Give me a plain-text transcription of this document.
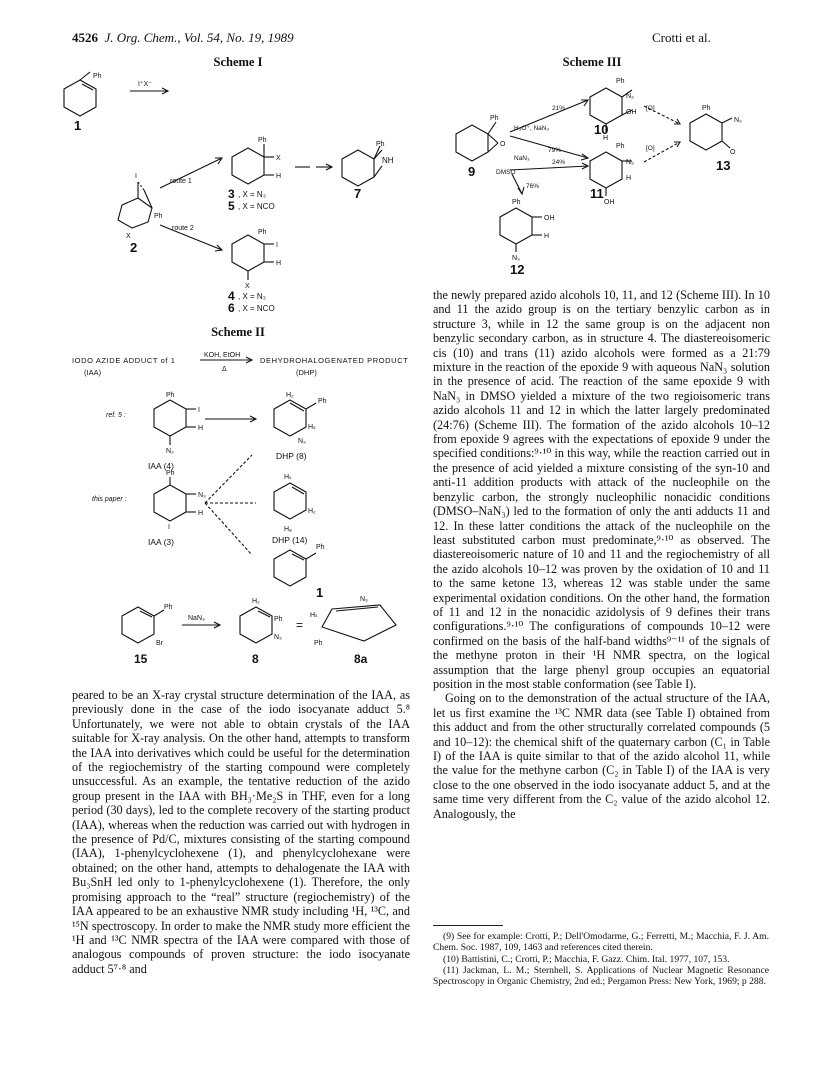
4526 J. Org. Chem., Vol. 54, No. 19, 1989	Crotti et al.
Scheme I	Scheme III
Scheme II
Ph
I⁺X⁻
1
I
Ph
X
2
route 1
route 2
Ph
X
H
3 , X = N₃
5 , X = NCO
Ph
NH
7
Ph
I
H
X
4 , X = N₃
6 , X = NCO
IODO AZIDE ADDUCT of 1
(IAA)
KOH, EtOH
Δ
DEHYDROHALOGENATED PRODUCT
(DHP)
ref. 5 :
Ph
I
H
N₃
IAA (4)
H₂
Ph
Hₛ
N₃
DHP (8)
this paper :
Ph
N₃
H
I
IAA (3)
Hₛ
H₂
Hₐ
DHP (14)
Ph
1
Ph
Br
15
NaN₃
H₂
Ph
N₃
8
=
N₃
Hₛ
Ph
8a
Ph
O
9
H₃O⁺, NaN₃
21%
79%
NaN₃
DMSO
24%
76%
Ph
N₃
OH
H
10
Ph
N₃
H
OH
11
[O]
[O]
Ph
N₃
O
13
Ph
OH
H
N₃
12

peared to be an X-ray crystal structure determination of the IAA, as previously done in the case of the iodo isocyanate adduct 5.⁸ Unfortunately, we were not able to obtain crystals of the IAA suitable for X-ray analysis. On the other hand, attempts to transform the IAA into derivatives which could be useful for the determination of the regiochemistry of the starting compound were completely unsuccessful. As an example, the tentative reduction of the azido group present in the IAA with BH₃·Me₂S in THF, even for a long period (30 days), led to the complete recovery of the starting product (IAA), whereas when the reduction was carried out with hydrogen in the presence of Pd/C, mixtures consisting of the starting compound (IAA), 1-phenylcyclohexene (1), and phenylcyclohexane were obtained; on the other hand, attempts to dehalogenate the IAA with Bu₃SnH led only to 1-phenylcyclohexene (1). Therefore, the only promising approach to the “real” structure (regiochemistry) of the IAA appeared to be an exhaustive NMR study including ¹H, ¹³C, and ¹⁵N spectroscopy. In order to make the NMR study more efficient the ¹H and ¹³C NMR spectra of the IAA were compared with those of analogous compounds of proven structure: the iodo isocyanate adduct 5⁷·⁸ and

the newly prepared azido alcohols 10, 11, and 12 (Scheme III). In 10 and 11 the azido group is on the tertiary benzylic carbon as in structure 3, while in 12 the same group is on the adjacent non benzylic secondary carbon, as in structure 4. The diastereoisomeric cis (10) and trans (11) azido alcohols were formed as a 21:79 mixture in the reaction of the epoxide 9 with aqueous NaN₃ solution in the presence of acid. The reaction of the same epoxide 9 with NaN₃ in DMSO yielded a mixture of the two regioisomeric trans azido alcohols 11 and 12 in which the latter largely predominated (24:76) (Scheme III). The formation of the azido alcohols 10–12 from epoxide 9 agrees with the expectations of epoxide 9 under the specified conditions:⁹·¹⁰ in this way, while the reaction carried out in the presence of acid yielded a mixture consisting of the syn-10 and anti-11 addition products with attack of the nucleophile on the benzylic carbon, the strongly nucleophilic nonacidic conditions (DMSO–NaN₃) led to the formation of only the anti adducts 11 and 12. In these latter conditions the attack of the nucleophile on the least substituted carbon must predominate,⁹·¹⁰ as observed. The diastereoisomeric nature of 10 and 11 and the regiochemistry of all the azido alcohols 10–12 was proven by the oxidation of 10 and 11 to the same ketone 13, whereas 12 was stable under the same experimental oxidation conditions. On the other hand, the formation of 11 and 12 in the nonacidic azidolysis of 9 defines their trans configurations.⁹·¹⁰ The configurations of compounds 10–12 were confirmed on the basis of the half-band widths⁹⁻¹¹ of the signals of the methyne proton in their ¹H NMR spectra, on the logical assumption that the large phenyl group occupies an equatorial position in the most stable conformation (see Table I).

Going on to the demonstration of the actual structure of the IAA, let us first examine the ¹³C NMR data (see Table I) obtained from this adduct and from the other structurally correlated compounds (5 and 10–12): the chemical shift of the quaternary carbon (C₁ in Table I) of the IAA is quite similar to that of the azido alcohol 11, while the value for the methyne carbon (C₂ in Table I) of the IAA is very close to the one observed in the iodo isocyanate adduct 5, and at the same time very different from the C₂ value of the azido alcohol 12. Analogously, the

(9) See for example: Crotti, P.; Dell'Omodarme, G.; Ferretti, M.; Macchia, F. J. Am. Chem. Soc. 1987, 109, 1463 and references cited therein.

(10) Battistini, C.; Crotti, P.; Macchia, F. Gazz. Chim. Ital. 1977, 107, 153.

(11) Jackman, L. M.; Sternhell, S. Applications of Nuclear Magnetic Resonance Spectroscopy in Organic Chemistry, 2nd ed.; Pergamon Press: New York, 1969; p 288.
